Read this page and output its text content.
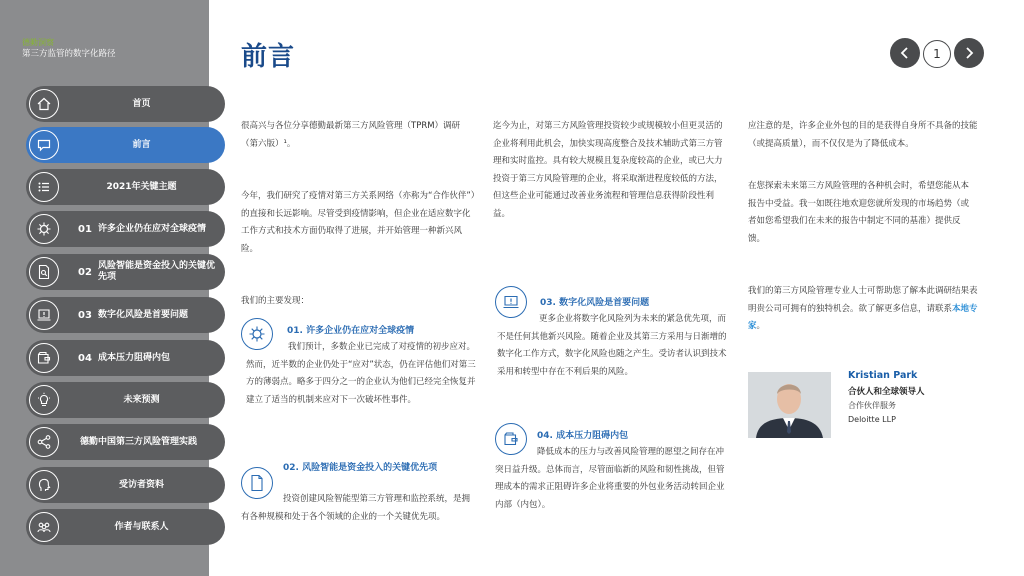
德勤洞察
第三方监管的数字化路径
首页
前言
2021年关键主题
01 许多企业仍在应对全球疫情
02
风险智能是资金投入的关键优先项
03 数字化风险是首要问题
04 成本压力阻碍内包
未来预测
德勤中国第三方风险管理实践
受访者资料
作者与联系人
前言	1
很高兴与各位分享德勤最新第三方风险管理（TPRM）调研（第六版）¹。
今年，我们研究了疫情对第三方关系网络（亦称为“合作伙伴”）的直接和长远影响。尽管受到疫情影响，但企业在适应数字化工作方式和技术方面仍取得了进展，并开始管理一种新兴风险。
我们的主要发现：
01. 许多企业仍在应对全球疫情
我们预计，多数企业已完成了对疫情的初步应对。然而，近半数的企业仍处于“应对”状态，仍在评估他们对第三方的薄弱点。略多于四分之一的企业认为他们已经完全恢复并建立了适当的机制来应对下一次破坏性事件。
02. 风险智能是资金投入的关键优先项
投资创建风险智能型第三方管理和监控系统，是拥有各种规模和处于各个领域的企业的一个关键优先项。
迄今为止，对第三方风险管理投资较少或规模较小但更灵活的企业将利用此机会，加快实现高度整合及技术辅助式第三方管理和实时监控。具有较大规模且复杂度较高的企业，或已大力投资于第三方风险管理的企业，将采取渐进程度较低的方法，但这些企业可能通过改善业务流程和管理信息获得阶段性利益。
03. 数字化风险是首要问题
更多企业将数字化风险列为未来的紧急优先项，而不是任何其他新兴风险。随着企业及其第三方采用与日渐增的数字化工作方式，数字化风险也随之产生。受访者认识到技术采用和转型中存在不利后果的风险。
04. 成本压力阻碍内包
降低成本的压力与改善风险管理的愿望之间存在冲突日益升级。总体而言，尽管面临新的风险和韧性挑战，但管理成本的需求正阻碍许多企业将重要的外包业务活动转回企业内部（内包）。
应注意的是，许多企业外包的目的是获得自身所不具备的技能（或提高质量），而不仅仅是为了降低成本。
在您探索未来第三方风险管理的各种机会时，希望您能从本报告中受益。我一如既往地欢迎您就所发现的市场趋势（或者如您希望我们在未来的报告中制定不同的基准）提供反馈。
我们的第三方风险管理专业人士可帮助您了解本此调研结果表明贵公司可拥有的独特机会。欲了解更多信息，请联系本地专家。
Kristian Park
合伙人和全球领导人
合作伙伴服务
Deloitte LLP
